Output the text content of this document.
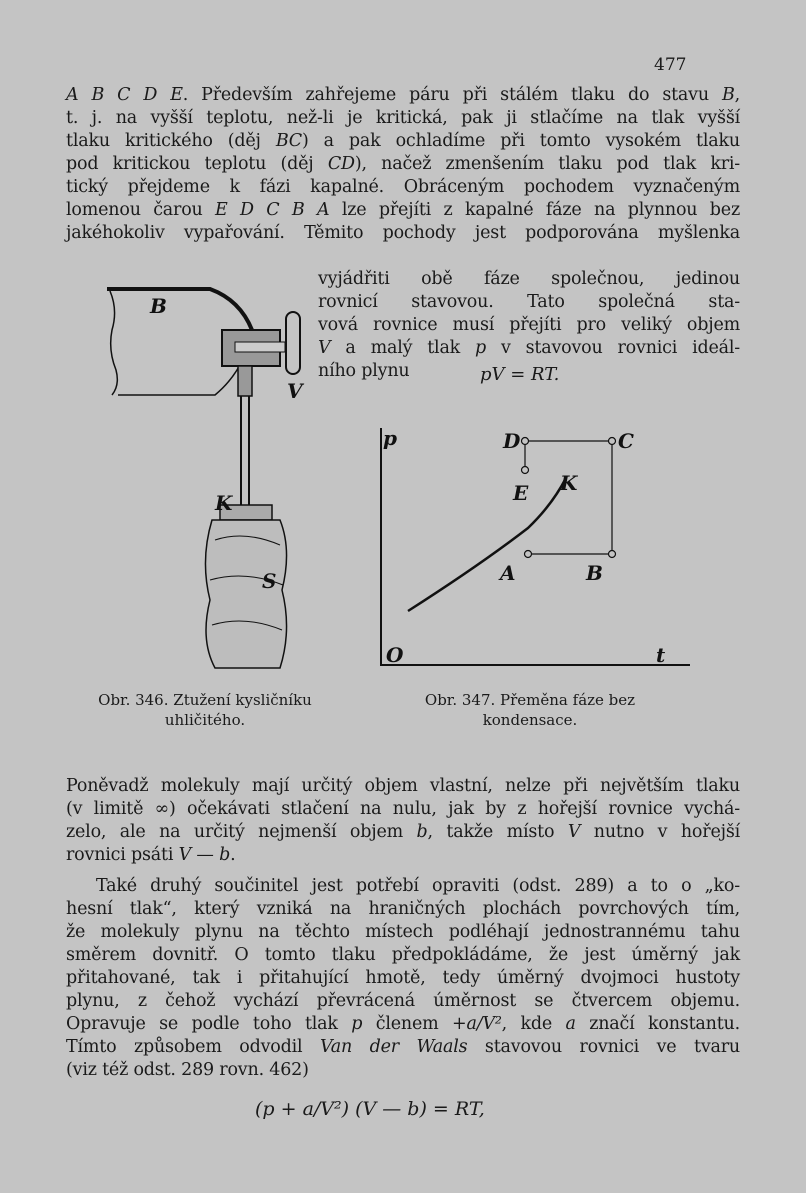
477
A B C D E. Především zahřejeme páru při stálém tlaku do stavu B,
t. j. na vyšší teplotu, než-li je kritická, pak ji stlačíme na tlak vyšší
tlaku kritického (děj BC) a pak ochladíme při tomto vysokém tlaku
pod kritickou teplotu (děj CD), načež zmenšením tlaku pod tlak kri-
tický přejdeme k fázi kapalné. Obráceným pochodem vyznačeným
lomenou čarou E D C B A lze přejíti z kapalné fáze na plynnou bez
jakéhokoliv vypařování. Těmito pochody jest podporována myšlenka
vyjádřiti obě fáze společnou, jedinou
rovnicí stavovou. Tato společná sta-
vová rovnice musí přejíti pro veliký objem
V a malý tlak p v stavovou rovnici ideál-
ního plynu
Poněvadž molekuly mají určitý objem vlastní, nelze při největším tlaku
(v limitě ∞) očekávati stlačení na nulu, jak by z hořejší rovnice vychá-
zelo, ale na určitý nejmenší objem b, takže místo V nutno v hořejší
rovnici psáti V — b.
Také druhý součinitel jest potřebí opraviti (odst. 289) a to o „ko-
hesní tlak“, který vzniká na hraničných plochách povrchových tím,
že molekuly plynu na těchto místech podléhají jednostrannému tahu
směrem dovnitř. O tomto tlaku předpokládáme, že jest úměrný jak
přitahované, tak i přitahující hmotě, tedy úměrný dvojmoci hustoty
plynu, z čehož vychází převrácená úměrnost se čtvercem objemu.
Opravuje se podle toho tlak p členem +a/V², kde a značí konstantu.
Tímto způsobem odvodil Van der Waals stavovou rovnici ve tvaru
(viz též odst. 289 rovn. 462)
pV = RT.
B
V
K
S
p
O	t
D	C
E K
A	B
Obr. 346. Ztužení kysličníku
uhličitého.
Obr. 347. Přeměna fáze bez
kondensace.
(p + a/V²) (V — b) = RT,
